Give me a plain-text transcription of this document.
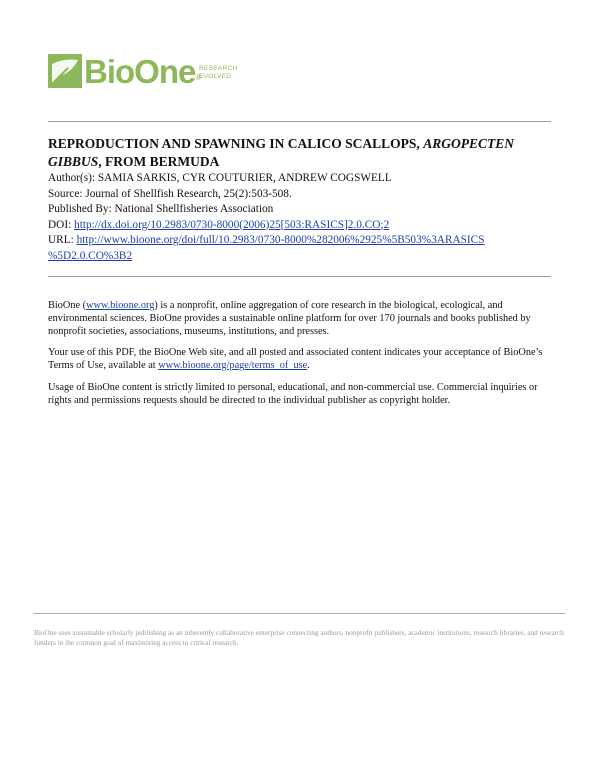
BioOne®
RESEARCH
EVOLVED
REPRODUCTION AND SPAWNING IN CALICO SCALLOPS, ARGOPECTEN GIBBUS, FROM BERMUDA
Author(s): SAMIA SARKIS, CYR COUTURIER, ANDREW COGSWELL
Source: Journal of Shellfish Research, 25(2):503-508.
Published By: National Shellfisheries Association
DOI: http://dx.doi.org/10.2983/0730-8000(2006)25[503:RASICS]2.0.CO;2
URL: http://www.bioone.org/doi/full/10.2983/0730-8000%282006%2925%5B503%3ARASICS
%5D2.0.CO%3B2

BioOne (www.bioone.org) is a nonprofit, online aggregation of core research in the biological, ecological, and environmental sciences. BioOne provides a sustainable online platform for over 170 journals and books published by nonprofit societies, associations, museums, institutions, and presses.

Your use of this PDF, the BioOne Web site, and all posted and associated content indicates your acceptance of BioOne’s Terms of Use, available at www.bioone.org/page/terms_of_use.

Usage of BioOne content is strictly limited to personal, educational, and non-commercial use. Commercial inquiries or rights and permissions requests should be directed to the individual publisher as copyright holder.

BioOne sees sustainable scholarly publishing as an inherently collaborative enterprise connecting authors, nonprofit publishers, academic institutions, research libraries, and research funders in the common goal of maximizing access to critical research.
